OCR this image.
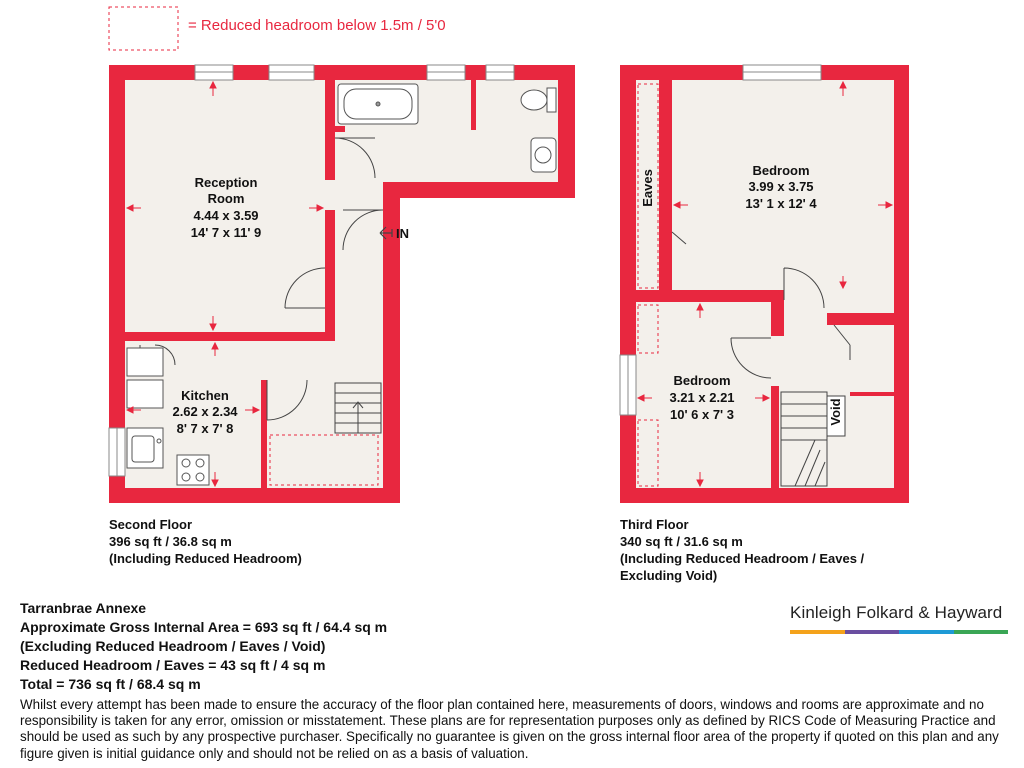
IN
Reception
Room
4.44 x 3.59
14' 7 x 11' 9
Kitchen
2.62 x 2.34
8' 7 x 7' 8
Eaves
Void
Bedroom
3.99 x 3.75
13' 1 x 12' 4
Bedroom
3.21 x 2.21
10' 6 x 7' 3
= Reduced headroom below 1.5m / 5'0
Second Floor
396 sq ft / 36.8 sq m
(Including Reduced Headroom)
Third Floor
340 sq ft / 31.6 sq m
(Including Reduced Headroom / Eaves /
Excluding Void)
Tarranbrae Annexe
Approximate Gross Internal Area = 693 sq ft / 64.4 sq m
(Excluding Reduced Headroom / Eaves / Void)
Reduced Headroom / Eaves = 43 sq ft / 4 sq m
Total = 736 sq ft / 68.4 sq m
Kinleigh Folkard & Hayward
Whilst every attempt has been made to ensure the accuracy of the floor plan contained here, measurements of doors, windows and rooms are approximate and no responsibility is taken for any error, omission or misstatement. These plans are for representation purposes only as defined by RICS Code of Measuring Practice and should be used as such by any prospective purchaser. Specifically no guarantee is given on the gross internal floor area of the property if quoted on this plan and any figure given is initial guidance only and should not be relied on as a basis of valuation.
